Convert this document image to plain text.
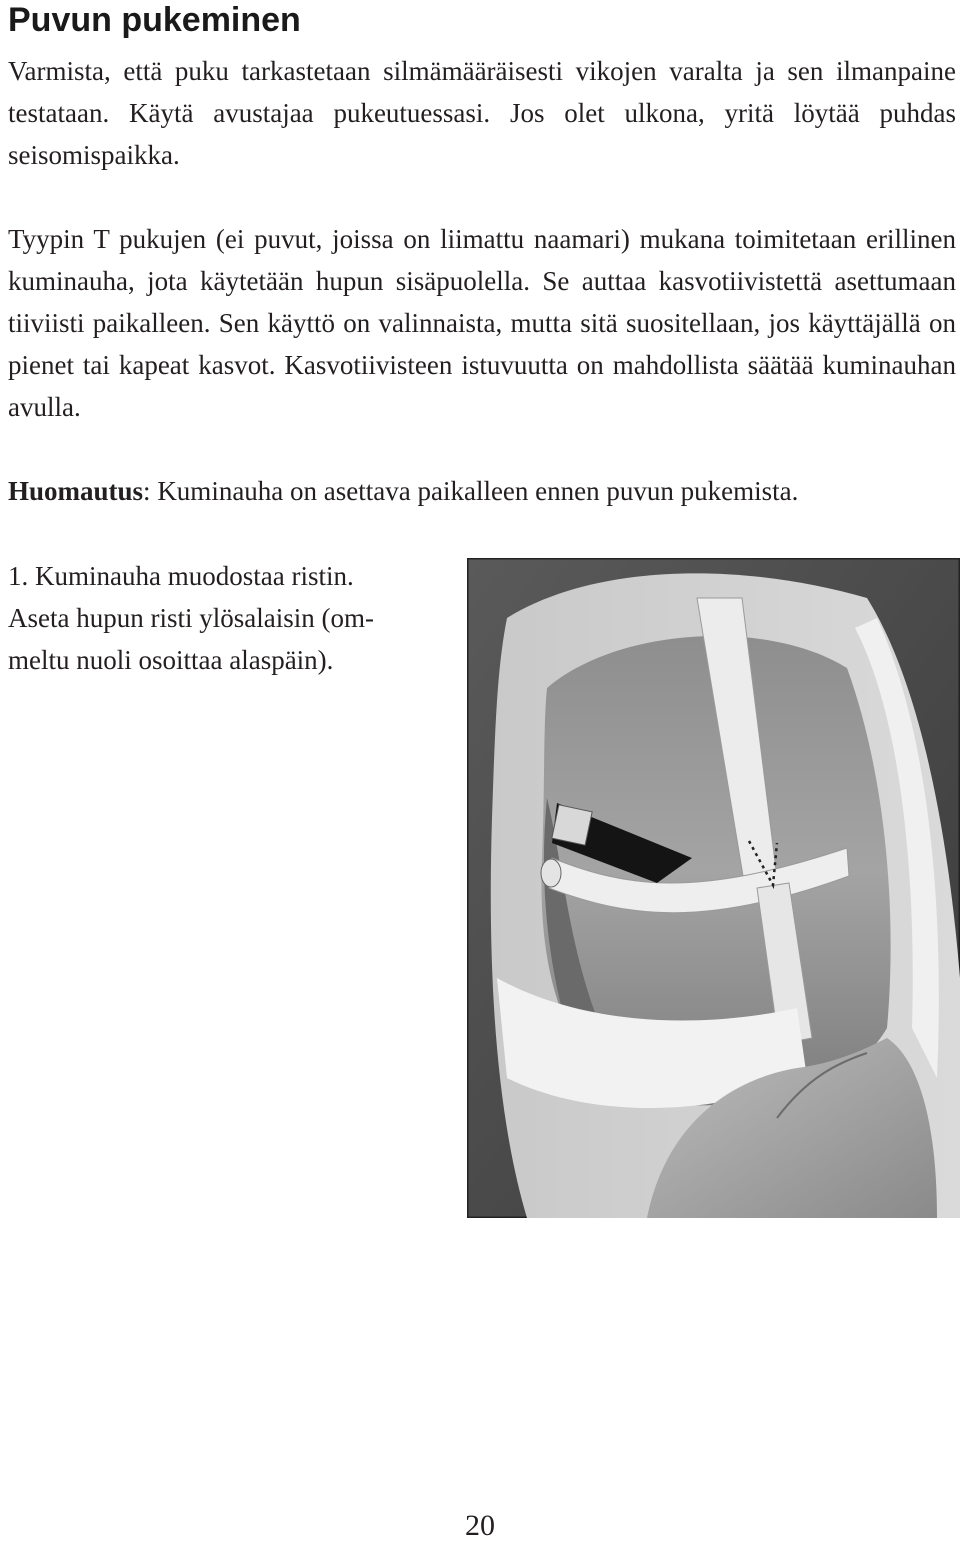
Puvun pukeminen

Varmista, että puku tarkastetaan silmämääräisesti vikojen varalta ja sen ilmanpaine testataan. Käytä avustajaa pukeutuessasi. Jos olet ulkona, yritä löytää puhdas seisomispaikka.

Tyypin T pukujen (ei puvut, joissa on liimattu naamari) mukana toimitetaan erillinen kuminauha, jota käytetään hupun sisäpuolella. Se auttaa kasvotiivistettä asettumaan tiiviisti paikalleen. Sen käyttö on valinnaista, mutta sitä suositellaan, jos käyttäjällä on pienet tai kapeat kasvot. Kasvotiivisteen istuvuutta on mahdollista säätää kuminauhan avulla.

Huomautus: Kuminauha on asettava paikalleen ennen puvun pukemista.

1. Kuminauha muodostaa ristin.
Aseta hupun risti ylösalaisin (om-
meltu nuoli osoittaa alaspäin).
20
